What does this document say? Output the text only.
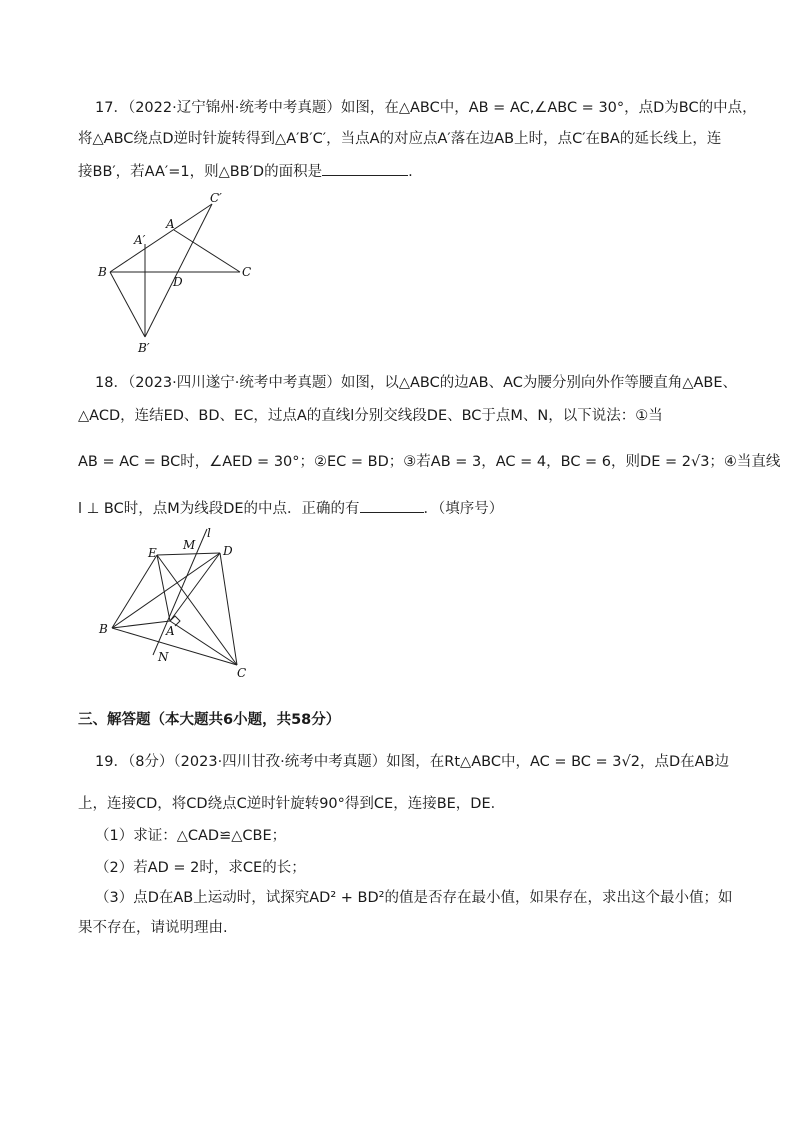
17．（2022·辽宁锦州·统考中考真题）如图，在△ABC中，AB = AC,∠ABC = 30°，点D为BC的中点，
将△ABC绕点D逆时针旋转得到△A′B′C′，当点A的对应点A′落在边AB上时，点C′在BA的延长线上，连
接BB′，若AA′=1，则△BB′D的面积是	.
C′
A
A′
B
D
C
B′
18．（2023·四川遂宁·统考中考真题）如图，以△ABC的边AB、AC为腰分别向外作等腰直角△ABE、
△ACD，连结ED、BD、EC，过点A的直线l分别交线段DE、BC于点M、N，以下说法：①当
AB = AC = BC时，∠AED = 30°；②EC = BD；③若AB = 3，AC = 4，BC = 6，则DE = 2√3；④当直线
l ⊥ BC时，点M为线段DE的中点．正确的有	．（填序号）
E
M
l
D
B	A
N
C
三、解答题（本大题共6小题，共58分）
19．（8分）（2023·四川甘孜·统考中考真题）如图，在Rt△ABC中，AC = BC = 3√2，点D在AB边
上，连接CD，将CD绕点C逆时针旋转90°得到CE，连接BE，DE．
（1）求证：△CAD≌△CBE；
（2）若AD = 2时，求CE的长；
（3）点D在AB上运动时，试探究AD² + BD²的值是否存在最小值，如果存在，求出这个最小值；如
果不存在，请说明理由.
